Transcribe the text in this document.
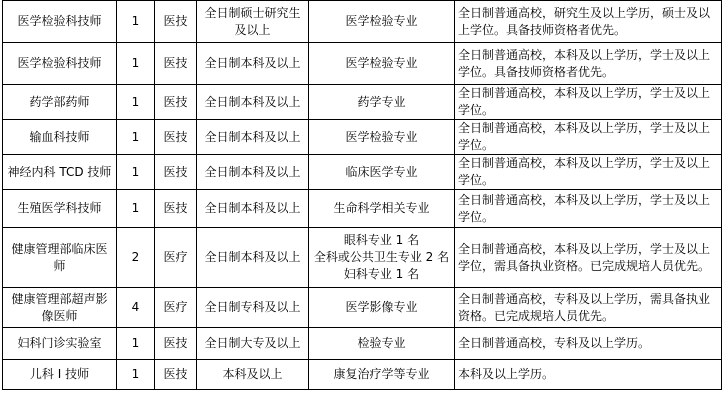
医学检验科技师	1	医技	全日制硕士研究生及以上	医学检验专业	全日制普通高校，研究生及以上学历，硕士及以上学位。具备技师资格者优先。
医学检验科技师	1	医技	全日制本科及以上	医学检验专业	全日制普通高校，本科及以上学历，学士及以上学位。具备技师资格者优先。
药学部药师	1	医技	全日制本科及以上	药学专业	全日制普通高校，本科及以上学历，学士及以上学位。
输血科技师	1	医技	全日制本科及以上	医学检验专业	全日制普通高校，本科及以上学历，学士及以上学位。
神经内科 TCD 技师	1	医技	全日制本科及以上	临床医学专业	全日制普通高校，本科及以上学历，学士及以上学位。
生殖医学科技师	1	医技	全日制本科及以上	生命科学相关专业	全日制普通高校，本科及以上学历，学士及以上学位。
健康管理部临床医师	2	医疗	全日制本科及以上	眼科专业 1 名
全科或公共卫生专业 2 名
妇科专业 1 名	全日制普通高校，本科及以上学历，学士及以上学位，需具备执业资格。已完成规培人员优先。
健康管理部超声影像医师	4	医疗	全日制专科及以上	医学影像专业	全日制普通高校，专科及以上学历，需具备执业资格。已完成规培人员优先。
妇科门诊实验室	1	医技	全日制大专及以上	检验专业	全日制普通高校，专科及以上学历。
儿科 I 技师	1	医技	本科及以上	康复治疗学等专业	本科及以上学历。
